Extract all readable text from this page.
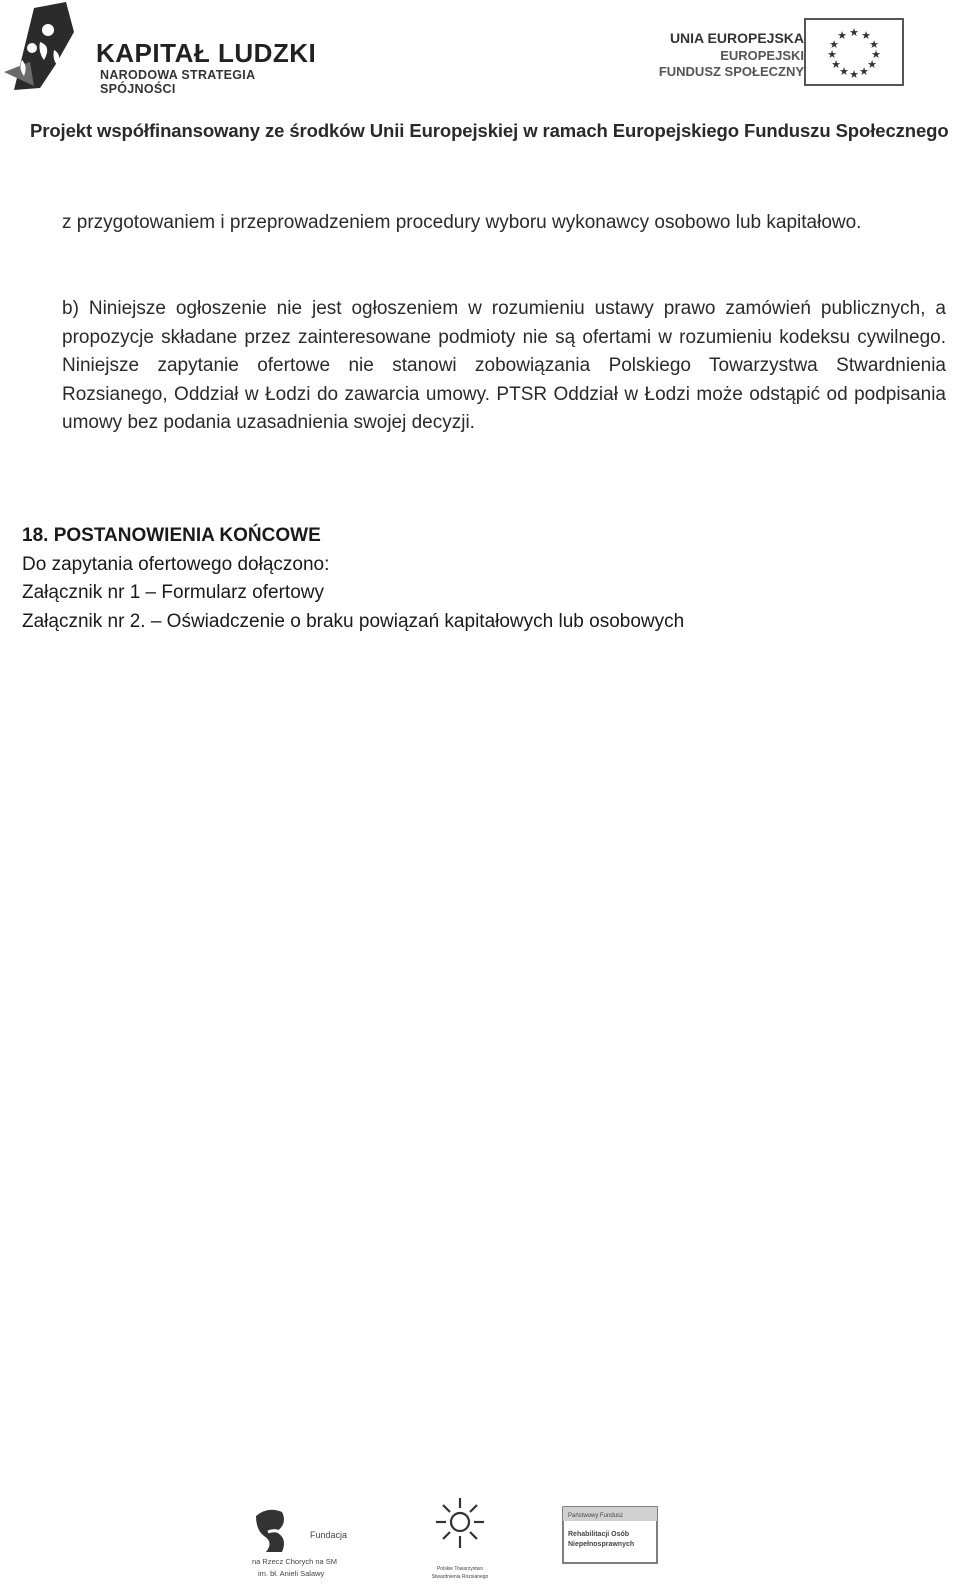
KAPITAŁ LUDZKI
NARODOWA STRATEGIA SPÓJNOŚCI
UNIA EUROPEJSKA
EUROPEJSKI
FUNDUSZ SPOŁECZNY
★ ★
★
★
★
★
★
★
★
★
★
★
Projekt współfinansowany ze środków Unii Europejskiej w ramach Europejskiego Funduszu Społecznego
z przygotowaniem i przeprowadzeniem procedury wyboru wykonawcy osobowo lub kapitałowo.
b) Niniejsze ogłoszenie nie jest ogłoszeniem w rozumieniu ustawy prawo zamówień publicznych, a propozycje składane przez zainteresowane podmioty nie są ofertami w rozumieniu kodeksu cywilnego. Niniejsze zapytanie ofertowe nie stanowi zobowiązania Polskiego Towarzystwa Stwardnienia Rozsianego, Oddział w Łodzi do zawarcia umowy. PTSR Oddział w Łodzi może odstąpić od podpisania umowy bez podania uzasadnienia swojej decyzji.
18. POSTANOWIENIA KOŃCOWE
Do zapytania ofertowego dołączono:
Załącznik nr 1 – Formularz ofertowy
Załącznik nr 2. – Oświadczenie o braku powiązań kapitałowych lub osobowych
Fundacja
na Rzecz Chorych na SM
im. bł. Anieli Salawy	Polskie Towarzystwo
Stwardnienia Rozsianego
Państwowy Fundusz
Rehabilitacji Osób
Niepełnosprawnych
